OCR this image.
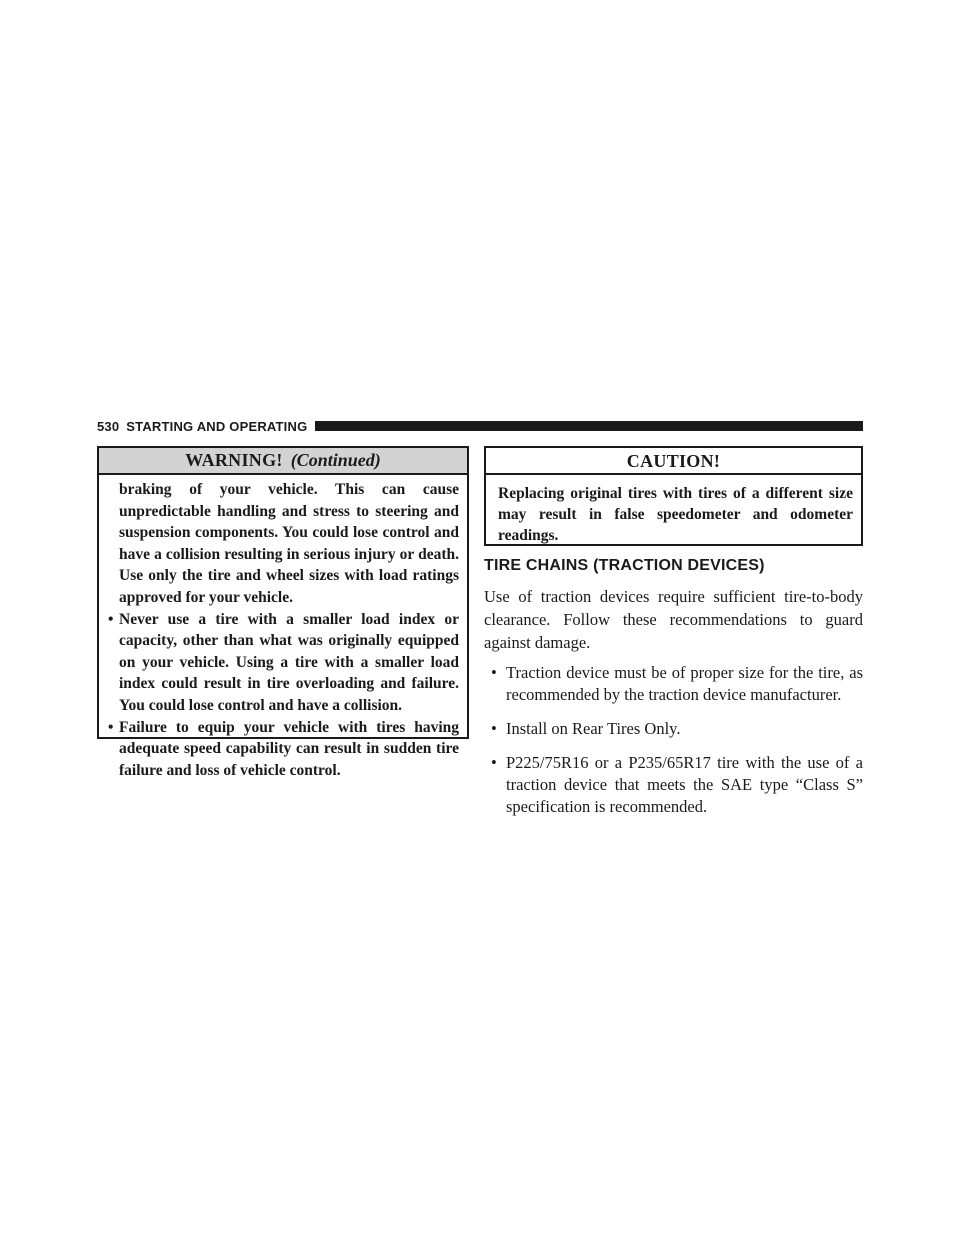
530 STARTING AND OPERATING
WARNING! (Continued)

braking of your vehicle. This can cause unpredictable handling and stress to steering and suspension components. You could lose control and have a collision resulting in serious injury or death. Use only the tire and wheel sizes with load ratings approved for your vehicle.

• Never use a tire with a smaller load index or capacity, other than what was originally equipped on your vehicle. Using a tire with a smaller load index could result in tire overloading and failure. You could lose control and have a collision.

• Failure to equip your vehicle with tires having adequate speed capability can result in sudden tire failure and loss of vehicle control.

CAUTION!

Replacing original tires with tires of a different size may result in false speedometer and odometer readings.

TIRE CHAINS (TRACTION DEVICES)

Use of traction devices require sufficient tire-to-body clearance. Follow these recommendations to guard against damage.

• Traction device must be of proper size for the tire, as recommended by the traction device manufacturer.
• Install on Rear Tires Only.
• P225/75R16 or a P235/65R17 tire with the use of a traction device that meets the SAE type “Class S” specification is recommended.
